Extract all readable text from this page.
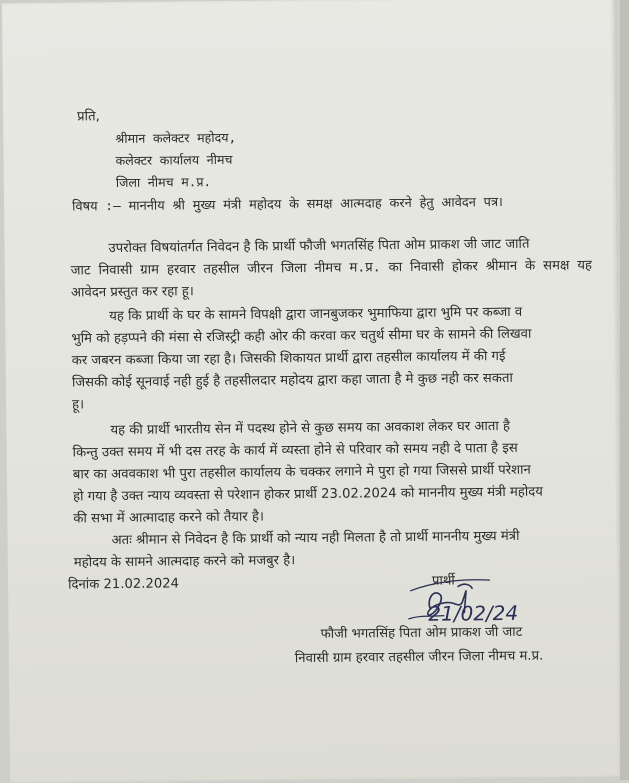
प्रति,
श्रीमान कलेक्टर महोदय,
कलेक्टर कार्यालय नीमच
जिला नीमच म.प्र.
विषय :– माननीय श्री मुख्य मंत्री महोदय के समक्ष आत्मदाह करने हेतु आवेदन पत्र।
उपरोक्त विषयांतर्गत निवेदन है कि प्रार्थी फौजी भगतसिंह पिता ओम प्राकश जी जाट जाति
जाट निवासी ग्राम हरवार तहसील जीरन जिला नीमच म.प्र. का निवासी होकर श्रीमान के समक्ष यह
आवेदन प्रस्तुत कर रहा हू।
यह कि प्रार्थी के घर के सामने विपक्षी द्वारा जानबुजकर भुमाफिया द्वारा भुमि पर कब्जा व
भुमि को हड़प्पने की मंसा से रजिस्ट्री कही ओर की करवा कर चतुर्थ सीमा घर के सामने की लिखवा
कर जबरन कब्जा किया जा रहा है। जिसकी शिकायत प्रार्थी द्वारा तहसील कार्यालय में की गई
जिसकी कोई सूनवाई नही हुई है तहसीलदार महोदय द्वारा कहा जाता है मे कुछ नही कर सकता
हू।
यह की प्रार्थी भारतीय सेन में पदस्थ होने से कुछ समय का अवकाश लेकर घर आता है
किन्तु उक्त समय में भी दस तरह के कार्य में व्यस्ता होने से परिवार को समय नही दे पाता है इस
बार का अववकाश भी पुरा तहसील कार्यालय के चक्कर लगाने मे पुरा हो गया जिससे प्रार्थी परेशान
हो गया है उक्त न्याय व्यवस्ता से परेशान होकर प्रार्थी 23.02.2024 को माननीय मुख्य मंत्री महोदय
की सभा में आत्मादाह करने को तैयार है।
अतः श्रीमान से निवेदन है कि प्रार्थी को न्याय नही मिलता है तो प्रार्थी माननीय मुख्य मंत्री
महोदय के सामने आत्मदाह करने को मजबुर है।
दिनांक 21.02.2024	प्रार्थी
21/02/24
फौजी भगतसिंह पिता ओम प्राकश जी जाट
निवासी ग्राम हरवार तहसील जीरन जिला नीमच म.प्र.
